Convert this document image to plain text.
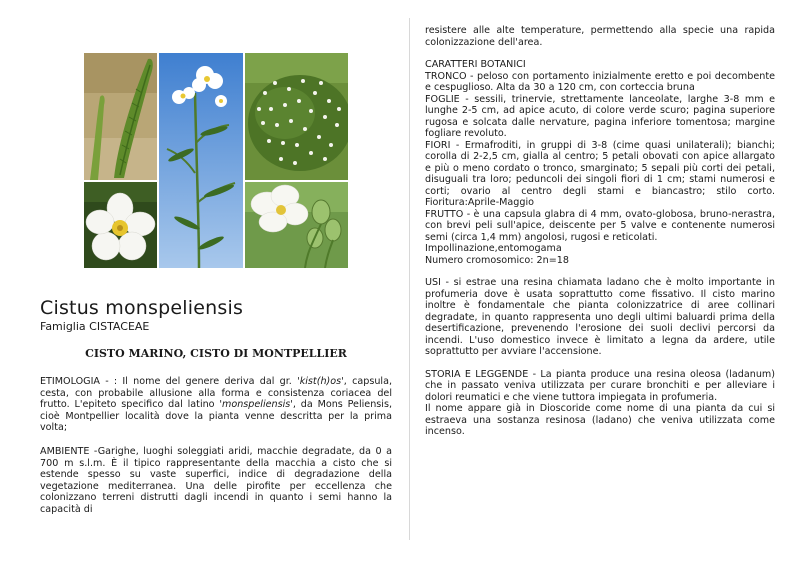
Cistus monspeliensis
Famiglia CISTACEAE
CISTO MARINO, CISTO DI MONTPELLIER
ETIMOLOGIA - : Il nome del genere deriva dal gr. 'kist(h)os', capsula, cesta, con probabile allusione alla forma e consistenza coriacea del frutto. L'epiteto specifico dal latino 'monspeliensis', da Mons Peliensis, cioè Montpellier località dove la pianta venne descritta per la prima volta;
AMBIENTE -Garighe, luoghi soleggiati aridi, macchie degradate, da 0 a 700 m s.l.m. È il tipico rappresentante della macchia a cisto che si estende spesso su vaste superfici, indice di degradazione della vegetazione mediterranea. Una delle pirofite per eccellenza che colonizzano terreni distrutti dagli incendi in quanto i semi hanno la capacità di

resistere alle alte temperature, permettendo alla specie una rapida colonizzazione dell'area.

CARATTERI BOTANICI

TRONCO - peloso con portamento inizialmente eretto e poi decombente e cespuglioso. Alta da 30 a 120 cm, con corteccia bruna

FOGLIE - sessili, trinervie, strettamente lanceolate, larghe 3-8 mm e lunghe 2-5 cm, ad apice acuto, di colore verde scuro; pagina superiore rugosa e solcata dalle nervature, pagina inferiore tomentosa; margine fogliare revoluto.

FIORI - Ermafroditi, in gruppi di 3-8 (cime quasi unilaterali); bianchi; corolla di 2-2,5 cm, gialla al centro; 5 petali obovati con apice allargato e più o meno cordato o tronco, smarginato; 5 sepali più corti dei petali, disuguali tra loro; peduncoli dei singoli fiori di 1 cm; stami numerosi e corti; ovario al centro degli stami e biancastro; stilo corto. Fioritura:Aprile-Maggio

FRUTTO - è una capsula glabra di 4 mm, ovato-globosa, bruno-nerastra, con brevi peli sull'apice, deiscente per 5 valve e contenente numerosi semi (circa 1,4 mm) angolosi, rugosi e reticolati.

Impollinazione,entomogama

Numero cromosomico: 2n=18

USI - si estrae una resina chiamata ladano che è molto importante in profumeria dove è usata soprattutto come fissativo. Il cisto marino inoltre è fondamentale che pianta colonizzatrice di aree collinari degradate, in quanto rappresenta uno degli ultimi baluardi prima della desertificazione, prevenendo l'erosione dei suoli declivi percorsi da incendi. L'uso domestico invece è limitato a legna da ardere, utile soprattutto per avviare l'accensione.

STORIA E LEGGENDE - La pianta produce una resina oleosa (ladanum) che in passato veniva utilizzata per curare bronchiti e per alleviare i dolori reumatici e che viene tuttora impiegata in profumeria.

Il nome appare già in Dioscoride come nome di una pianta da cui si estraeva una sostanza resinosa (ladano) che veniva utilizzata come incenso.
